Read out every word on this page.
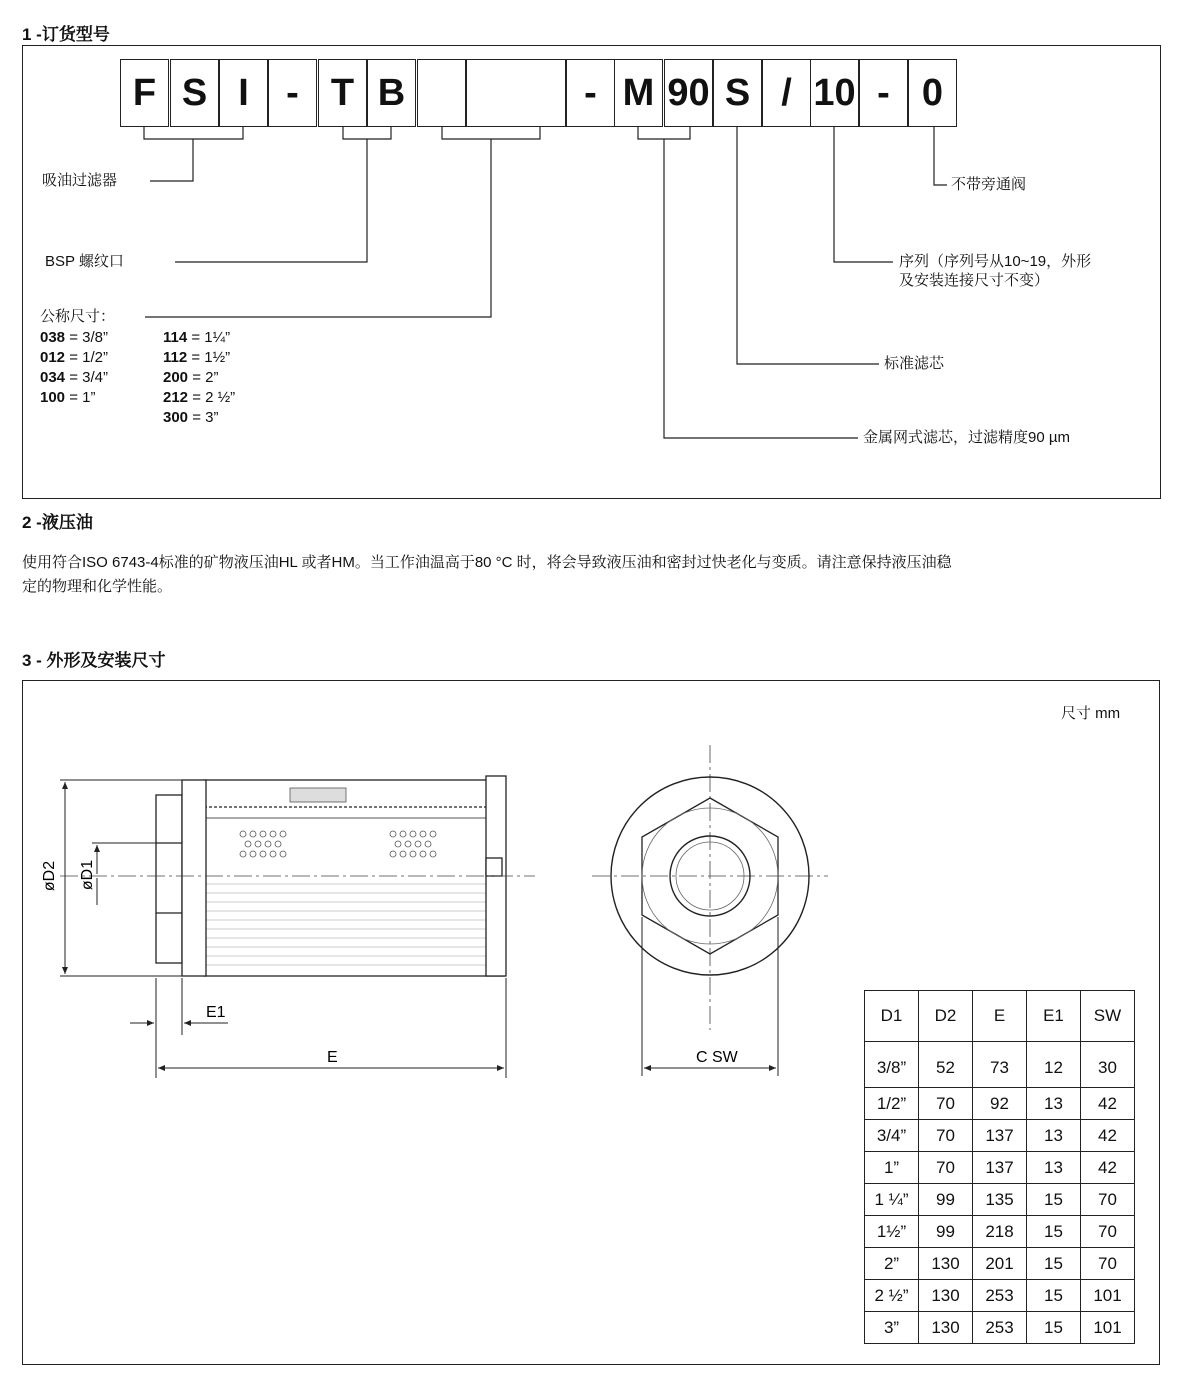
1 -订货型号
F S I - T B	- M 90 S / 10 - 0
吸油过滤器
BSP 螺纹口
公称尺寸：
038 = 3/8”
012 = 1/2”
034 = 3/4”
100 = 1”
114 = 1¼”
112 = 1½”
200 = 2”
212 = 2 ½”
300 = 3”
不带旁通阀
序列（序列号从10~19，外形
及安装连接尺寸不变）
标准滤芯
金属网式滤芯，过滤精度90 µm
2 -液压油
使用符合ISO 6743-4标准的矿物液压油HL 或者HM。当工作油温高于80 °C 时，将会导致液压油和密封过快老化与变质。请注意保持液压油稳
定的物理和化学性能。
3 - 外形及安装尺寸
尺寸 mm
øD2 øD1
E1
E	C SW
D1	D2	E	E1	SW
3/8”	52	73	12	30
1/2”	70	92	13	42
3/4”	70	137	13	42
1”	70	137	13	42
1 ¼”	99	135	15	70
1½”	99	218	15	70
2”	130	201	15	70
2 ½”	130	253	15	101
3”	130	253	15	101
